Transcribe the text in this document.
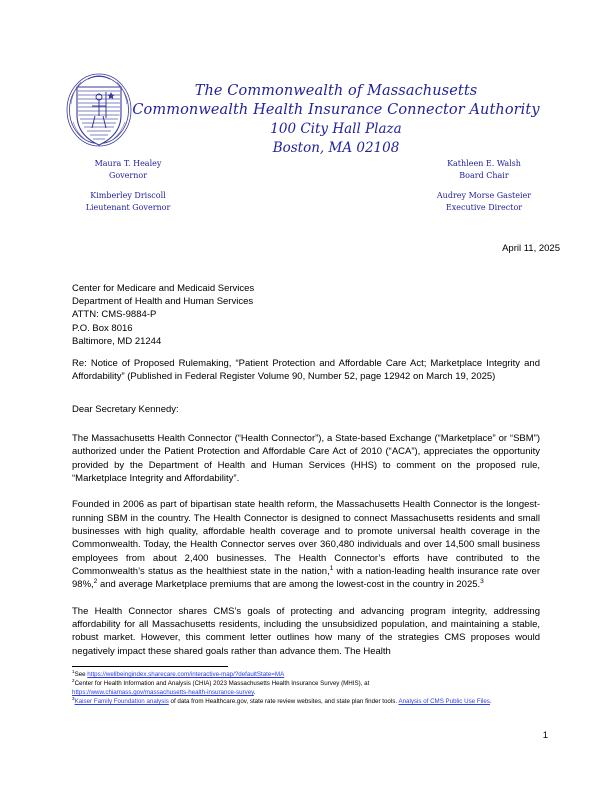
The Commonwealth of Massachusetts
Commonwealth Health Insurance Connector Authority
100 City Hall Plaza
Boston, MA 02108
Maura T. Healey
Governor
Kimberley Driscoll
Lieutenant Governor
Kathleen E. Walsh
Board Chair
Audrey Morse Gasteier
Executive Director
April 11, 2025
Center for Medicare and Medicaid Services
Department of Health and Human Services
ATTN: CMS-9884-P
P.O. Box 8016
Baltimore, MD 21244
Re: Notice of Proposed Rulemaking, “Patient Protection and Affordable Care Act; Marketplace Integrity and Affordability” (Published in Federal Register Volume 90, Number 52, page 12942 on March 19, 2025)
Dear Secretary Kennedy:

The Massachusetts Health Connector (“Health Connector”), a State-based Exchange (“Marketplace” or “SBM”) authorized under the Patient Protection and Affordable Care Act of 2010 (“ACA”), appreciates the opportunity provided by the Department of Health and Human Services (HHS) to comment on the proposed rule, “Marketplace Integrity and Affordability”.

Founded in 2006 as part of bipartisan state health reform, the Massachusetts Health Connector is the longest-running SBM in the country. The Health Connector is designed to connect Massachusetts residents and small businesses with high quality, affordable health coverage and to promote universal health coverage in the Commonwealth. Today, the Health Connector serves over 360,480 individuals and over 14,500 small business employees from about 2,400 businesses. The Health Connector’s efforts have contributed to the Commonwealth’s status as the healthiest state in the nation,$^1$ with a nation-leading health insurance rate over 98%,$^2$ and average Marketplace premiums that are among the lowest-cost in the country in 2025.$^3$

The Health Connector shares CMS’s goals of protecting and advancing program integrity, addressing affordability for all Massachusetts residents, including the unsubsidized population, and maintaining a stable, robust market. However, this comment letter outlines how many of the strategies CMS proposes would negatively impact these shared goals rather than advance them. The Health

$^1$See https://wellbeingindex.sharecare.com/interactive-map/?defaultState=MA

$^2$Center for Health Information and Analysis (CHIA) 2023 Massachusetts Health Insurance Survey (MHIS), at
https://www.chiamass.gov/massachusetts-health-insurance-survey.

$^3$Kaiser Family Foundation analysis of data from Healthcare.gov, state rate review websites, and state plan finder tools. Analysis of CMS Public Use Files.

1
